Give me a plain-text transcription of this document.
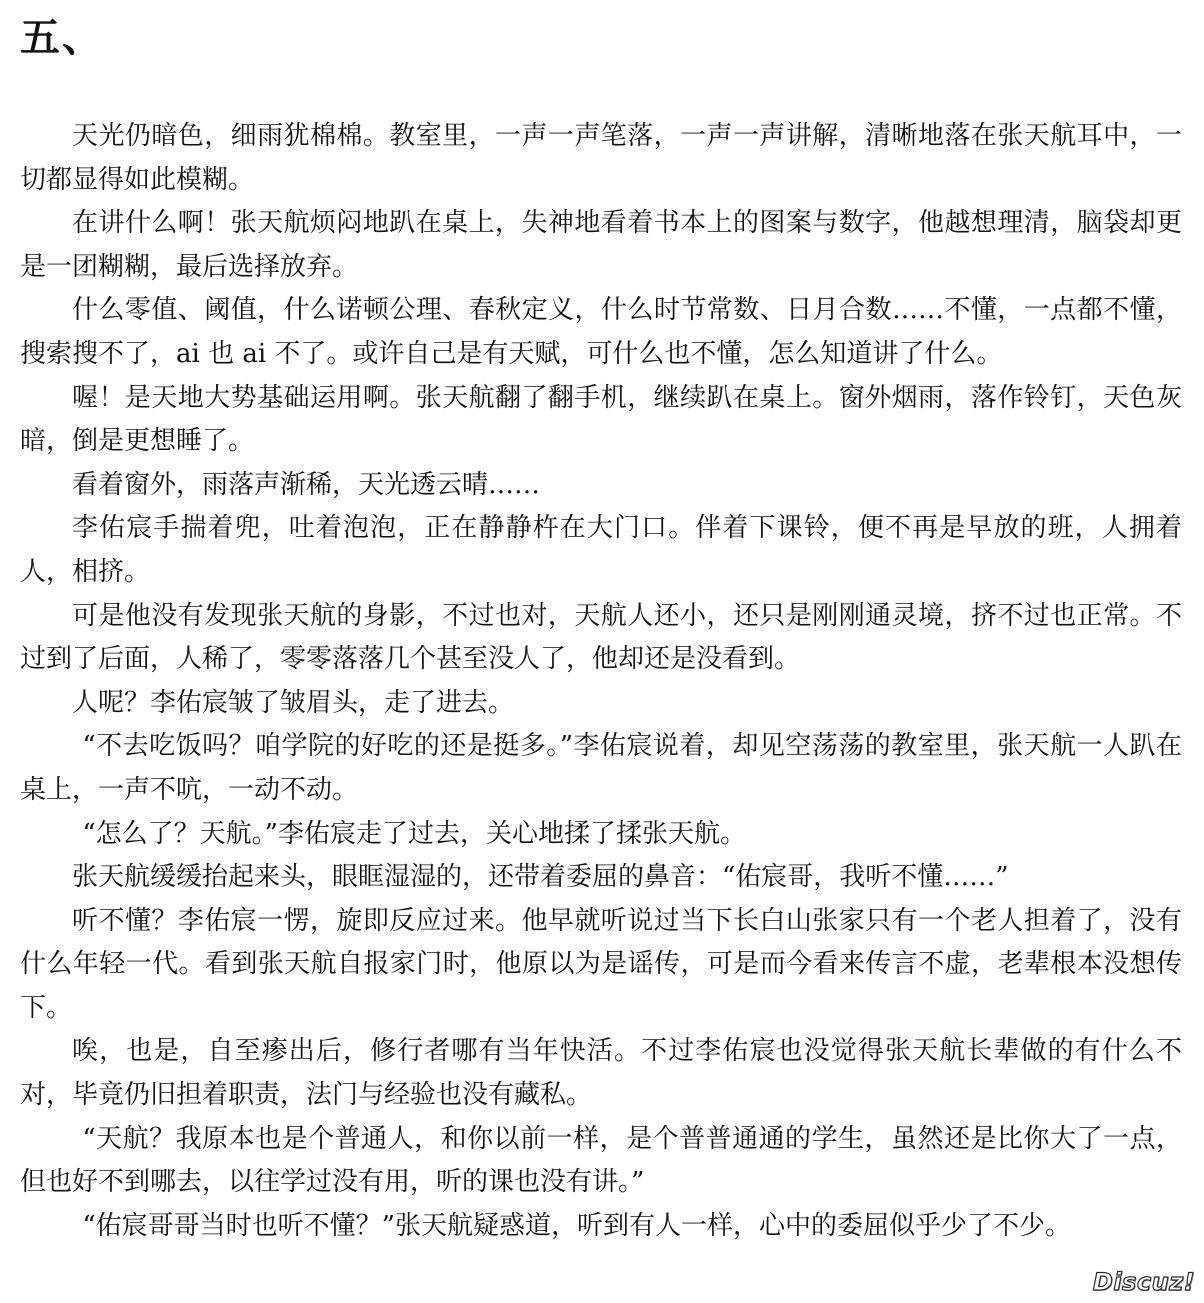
五、

天光仍暗色，细雨犹棉棉。教室里，一声一声笔落，一声一声讲解，清晰地落在张天航耳中，一切都显得如此模糊。

在讲什么啊！张天航烦闷地趴在桌上，失神地看着书本上的图案与数字，他越想理清，脑袋却更是一团糊糊，最后选择放弃。

什么零值、阈值，什么诺顿公理、春秋定义，什么时节常数、日月合数……不懂，一点都不懂，搜索搜不了，ai 也 ai 不了。或许自己是有天赋，可什么也不懂，怎么知道讲了什么。

喔！是天地大势基础运用啊。张天航翻了翻手机，继续趴在桌上。窗外烟雨，落作铃钉，天色灰暗，倒是更想睡了。

看着窗外，雨落声渐稀，天光透云晴……

李佑宸手揣着兜，吐着泡泡，正在静静杵在大门口。伴着下课铃，便不再是早放的班，人拥着人，相挤。

可是他没有发现张天航的身影，不过也对，天航人还小，还只是刚刚通灵境，挤不过也正常。不过到了后面，人稀了，零零落落几个甚至没人了，他却还是没看到。

人呢？李佑宸皱了皱眉头，走了进去。

“不去吃饭吗？咱学院的好吃的还是挺多。”李佑宸说着，却见空荡荡的教室里，张天航一人趴在桌上，一声不吭，一动不动。

“怎么了？天航。”李佑宸走了过去，关心地揉了揉张天航。

张天航缓缓抬起来头，眼眶湿湿的，还带着委屈的鼻音：“佑宸哥，我听不懂……”

听不懂？李佑宸一愣，旋即反应过来。他早就听说过当下长白山张家只有一个老人担着了，没有什么年轻一代。看到张天航自报家门时，他原以为是谣传，可是而今看来传言不虚，老辈根本没想传下。

唉，也是，自至瘆出后，修行者哪有当年快活。不过李佑宸也没觉得张天航长辈做的有什么不对，毕竟仍旧担着职责，法门与经验也没有藏私。

“天航？我原本也是个普通人，和你以前一样，是个普普通通的学生，虽然还是比你大了一点，但也好不到哪去，以往学过没有用，听的课也没有讲。”

“佑宸哥哥当时也听不懂？”张天航疑惑道，听到有人一样，心中的委屈似乎少了不少。

Discuz!
